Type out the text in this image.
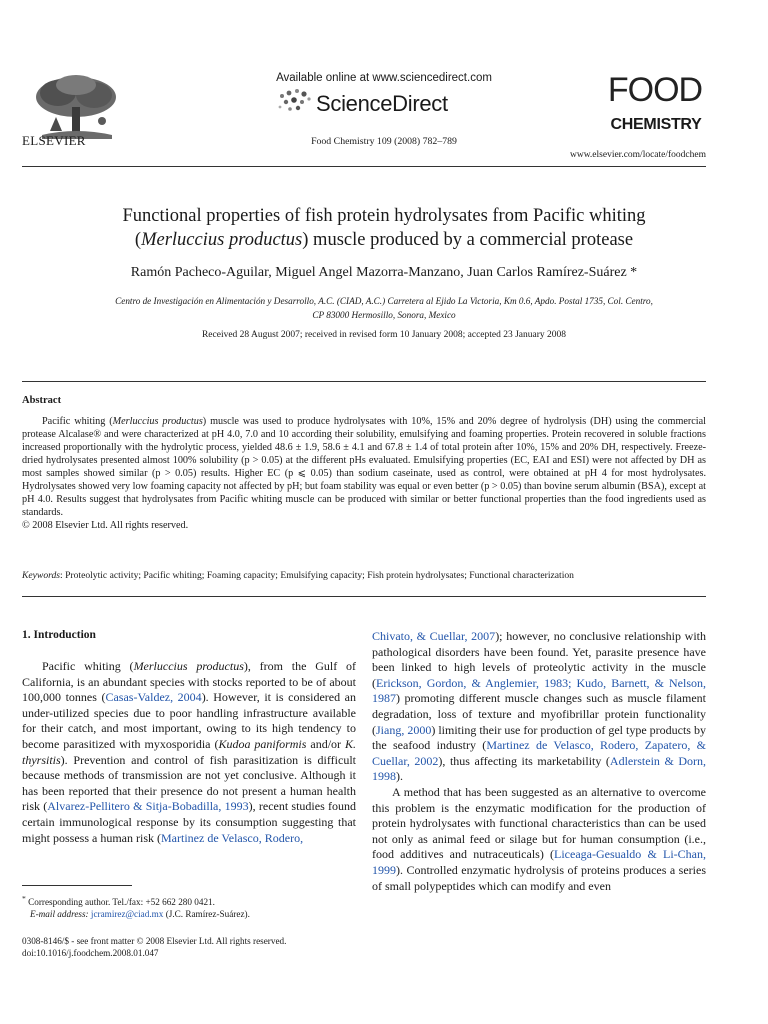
ELSEVIER
Available online at www.sciencedirect.com
ScienceDirect
Food Chemistry 109 (2008) 782–789
FOOD
CHEMISTRY
www.elsevier.com/locate/foodchem
Functional properties of fish protein hydrolysates from Pacific whiting
(Merluccius productus) muscle produced by a commercial protease
Ramón Pacheco-Aguilar, Miguel Angel Mazorra-Manzano, Juan Carlos Ramírez-Suárez *
Centro de Investigación en Alimentación y Desarrollo, A.C. (CIAD, A.C.) Carretera al Ejido La Victoria, Km 0.6, Apdo. Postal 1735, Col. Centro,
CP 83000 Hermosillo, Sonora, Mexico
Received 28 August 2007; received in revised form 10 January 2008; accepted 23 January 2008
Abstract

Pacific whiting (Merluccius productus) muscle was used to produce hydrolysates with 10%, 15% and 20% degree of hydrolysis (DH) using the commercial protease Alcalase® and were characterized at pH 4.0, 7.0 and 10 according their solubility, emulsifying and foaming properties. Protein recovered in soluble fractions increased proportionally with the hydrolytic process, yielded 48.6 ± 1.9, 58.6 ± 4.1 and 67.8 ± 1.4 of total protein after 10%, 15% and 20% DH, respectively. Freeze-dried hydrolysates presented almost 100% solubility (p > 0.05) at the different pHs evaluated. Emulsifying properties (EC, EAI and ESI) were not affected by DH as most samples showed similar (p > 0.05) results. Higher EC (p ⩽ 0.05) than sodium caseinate, used as control, were obtained at pH 4 for most hydrolysates. Hydrolysates showed very low foaming capacity not affected by pH; but foam stability was equal or even better (p > 0.05) than bovine serum albumin (BSA), except at pH 4.0. Results suggest that hydrolysates from Pacific whiting muscle can be produced with similar or better functional properties than the food ingredients used as standards.

© 2008 Elsevier Ltd. All rights reserved.

Keywords: Proteolytic activity; Pacific whiting; Foaming capacity; Emulsifying capacity; Fish protein hydrolysates; Functional characterization
1. Introduction

Pacific whiting (Merluccius productus), from the Gulf of California, is an abundant species with stocks reported to be of about 100,000 tonnes (Casas-Valdez, 2004). However, it is considered an under-utilized species due to poor handling infrastructure available for their catch, and most important, owing to its high tendency to become parasitized with myxosporidia (Kudoa paniformis and/or K. thyrsitis). Prevention and control of fish parasitization is difficult because methods of transmission are not yet conclusive. Although it has been reported that their presence do not present a human health risk (Alvarez-Pellitero & Sitja-Bobadilla, 1993), recent studies found certain immunological response by its consumption suggesting that might possess a human risk (Martinez de Velasco, Rodero,

Chivato, & Cuellar, 2007); however, no conclusive relationship with pathological disorders have been found. Yet, parasite presence have been linked to high levels of proteolytic activity in the muscle (Erickson, Gordon, & Anglemier, 1983; Kudo, Barnett, & Nelson, 1987) promoting different muscle changes such as muscle filament degradation, loss of texture and myofibrillar protein functionality (Jiang, 2000) limiting their use for production of gel type products by the seafood industry (Martinez de Velasco, Rodero, Zapatero, & Cuellar, 2002), thus affecting its marketability (Adlerstein & Dorn, 1998).

A method that has been suggested as an alternative to overcome this problem is the enzymatic modification for the production of protein hydrolysates with functional characteristics than can be used not only as animal feed or silage but for human consumption (i.e., food additives and nutraceuticals) (Liceaga-Gesualdo & Li-Chan, 1999). Controlled enzymatic hydrolysis of proteins produces a series of small polypeptides which can modify and even

* Corresponding author. Tel./fax: +52 662 280 0421.
E-mail address: jcramirez@ciad.mx (J.C. Ramírez-Suárez).
0308-8146/$ - see front matter © 2008 Elsevier Ltd. All rights reserved.
doi:10.1016/j.foodchem.2008.01.047
